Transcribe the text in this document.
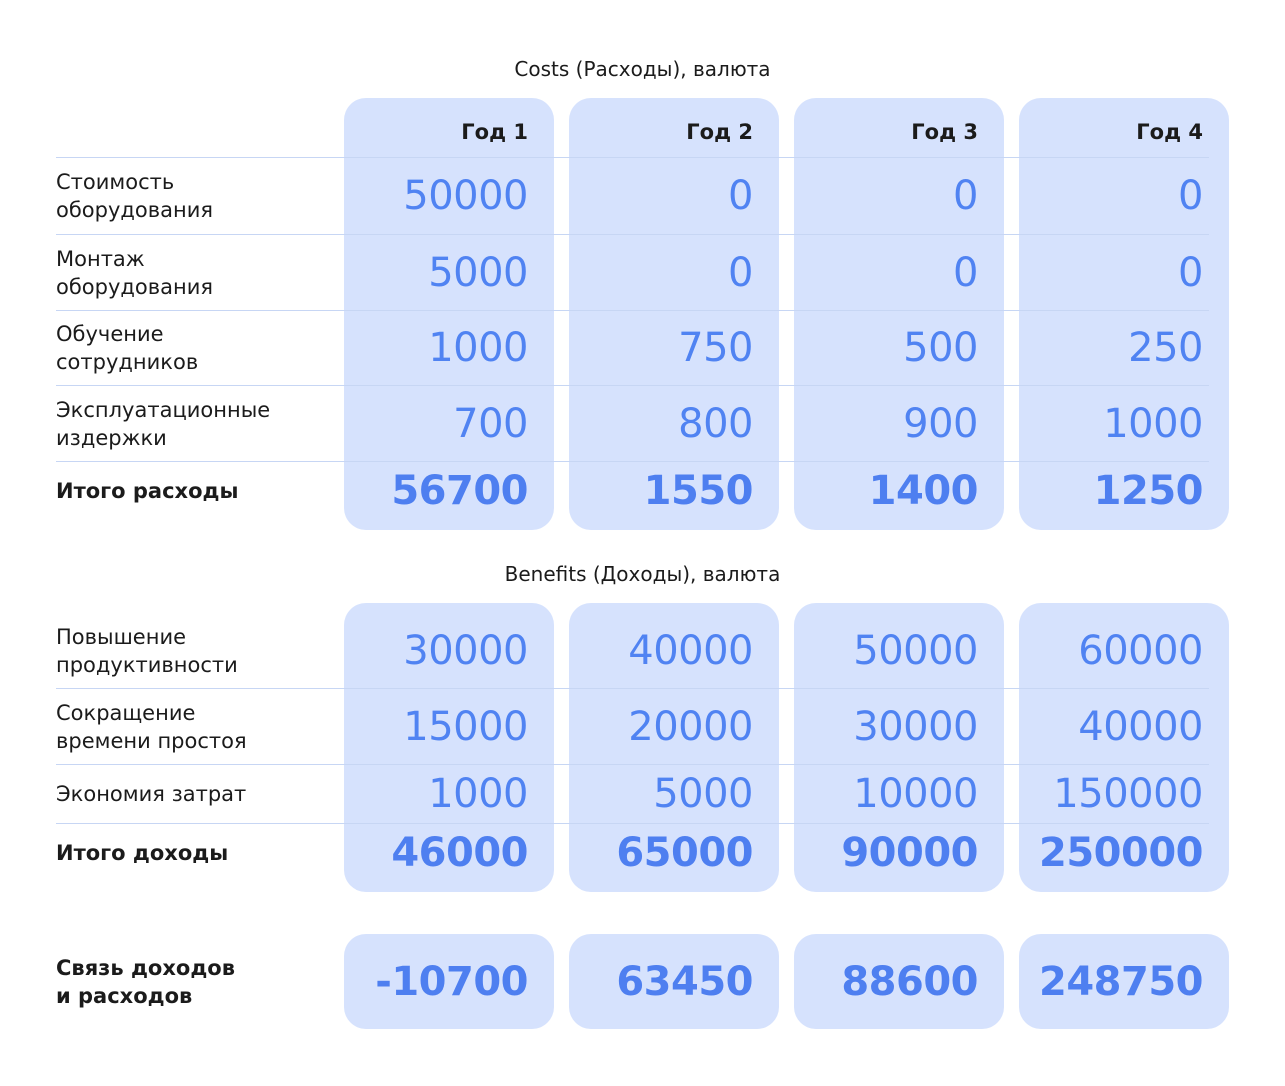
Costs (Расходы), валюта
Год 1	Год 2	Год 3	Год 4
Стоимость
оборудования	50000	0	0	0
Монтаж
оборудования	5000	0	0	0
Обучение
сотрудников	1000	750	500	250
Эксплуатационные
издержки	700	800	900	1000
Итого расходы	56700	1550	1400	1250
Benefits (Доходы), валюта
Повышение
продуктивности	30000	40000	50000	60000
Сокращение
времени простоя	15000	20000	30000	40000
Экономия затрат	1000	5000	10000	150000
Итого доходы	46000	65000	90000	250000
Связь доходов
и расходов	-10700	63450	88600	248750
